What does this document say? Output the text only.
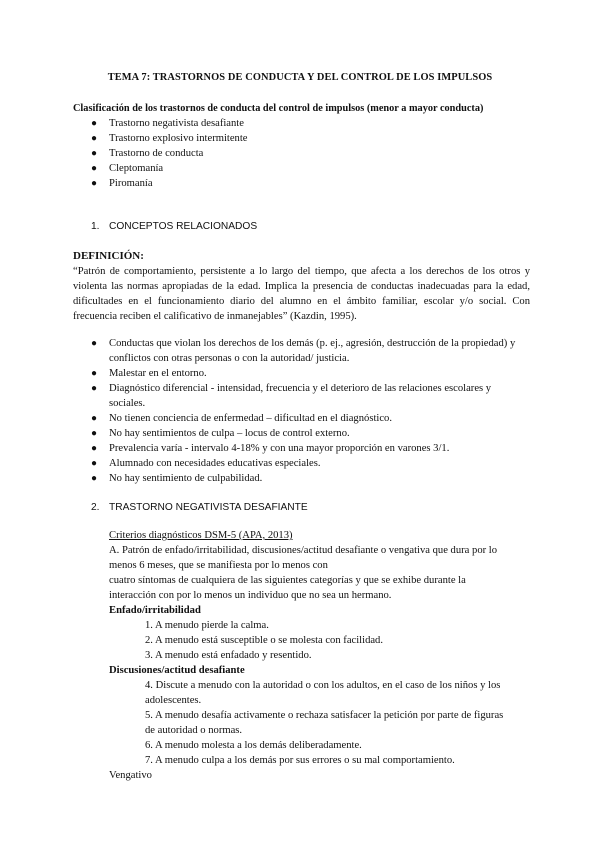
TEMA 7: TRASTORNOS DE CONDUCTA Y DEL CONTROL DE LOS IMPULSOS
Clasificación de los trastornos de conducta del control de impulsos (menor a mayor conducta)
● Trastorno negativista desafiante
● Trastorno explosivo intermitente
● Trastorno de conducta
● Cleptomanía
● Piromanía
1. CONCEPTOS RELACIONADOS
DEFINICIÓN:
“Patrón de comportamiento, persistente a lo largo del tiempo, que afecta a los derechos de los otros y violenta las normas apropiadas de la edad. Implica la presencia de conductas inadecuadas para la edad, dificultades en el funcionamiento diario del alumno en el ámbito familiar, escolar y/o social. Con frecuencia reciben el calificativo de inmanejables” (Kazdin, 1995).
● Conductas que violan los derechos de los demás (p. ej., agresión, destrucción de la propiedad) y conflictos con otras personas o con la autoridad/ justicia.
● Malestar en el entorno.
● Diagnóstico diferencial - intensidad, frecuencia y el deterioro de las relaciones escolares y sociales.
● No tienen conciencia de enfermedad – dificultad en el diagnóstico.
● No hay sentimientos de culpa – locus de control externo.
● Prevalencia varía - intervalo 4-18% y con una mayor proporción en varones 3/1.
● Alumnado con necesidades educativas especiales.
● No hay sentimiento de culpabilidad.
2. TRASTORNO NEGATIVISTA DESAFIANTE
Criterios diagnósticos DSM-5 (APA, 2013)
A. Patrón de enfado/irritabilidad, discusiones/actitud desafiante o vengativa que dura por lo
menos 6 meses, que se manifiesta por lo menos con
cuatro síntomas de cualquiera de las siguientes categorías y que se exhibe durante la
interacción con por lo menos un individuo que no sea un hermano.
Enfado/irritabilidad
1. A menudo pierde la calma.
2. A menudo está susceptible o se molesta con facilidad.
3. A menudo está enfadado y resentido.
Discusiones/actitud desafiante
4. Discute a menudo con la autoridad o con los adultos, en el caso de los niños y los
adolescentes.
5. A menudo desafía activamente o rechaza satisfacer la petición por parte de figuras
de autoridad o normas.
6. A menudo molesta a los demás deliberadamente.
7. A menudo culpa a los demás por sus errores o su mal comportamiento.
Vengativo
